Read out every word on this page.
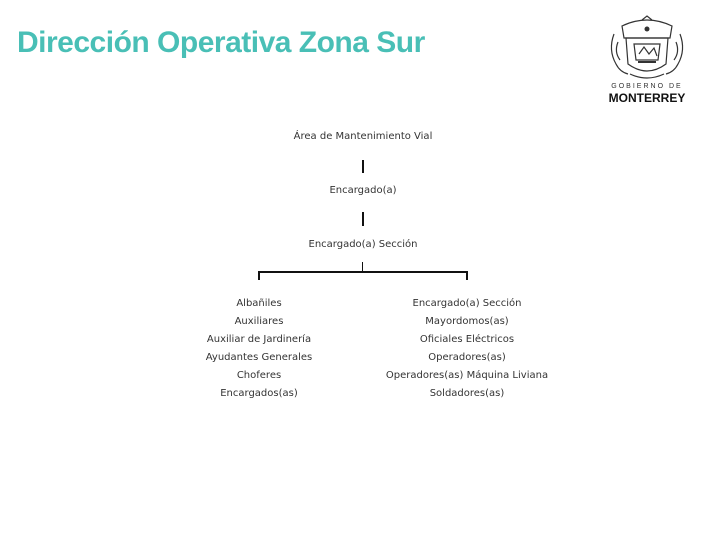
Dirección Operativa Zona Sur
GOBIERNO DE
MONTERREY
Área de Mantenimiento Vial
Encargado(a)
Encargado(a) Sección
Albañiles
Auxiliares
Auxiliar de Jardinería
Ayudantes Generales
Choferes
Encargados(as)
Encargado(a) Sección
Mayordomos(as)
Oficiales Eléctricos
Operadores(as)
Operadores(as) Máquina Liviana
Soldadores(as)
